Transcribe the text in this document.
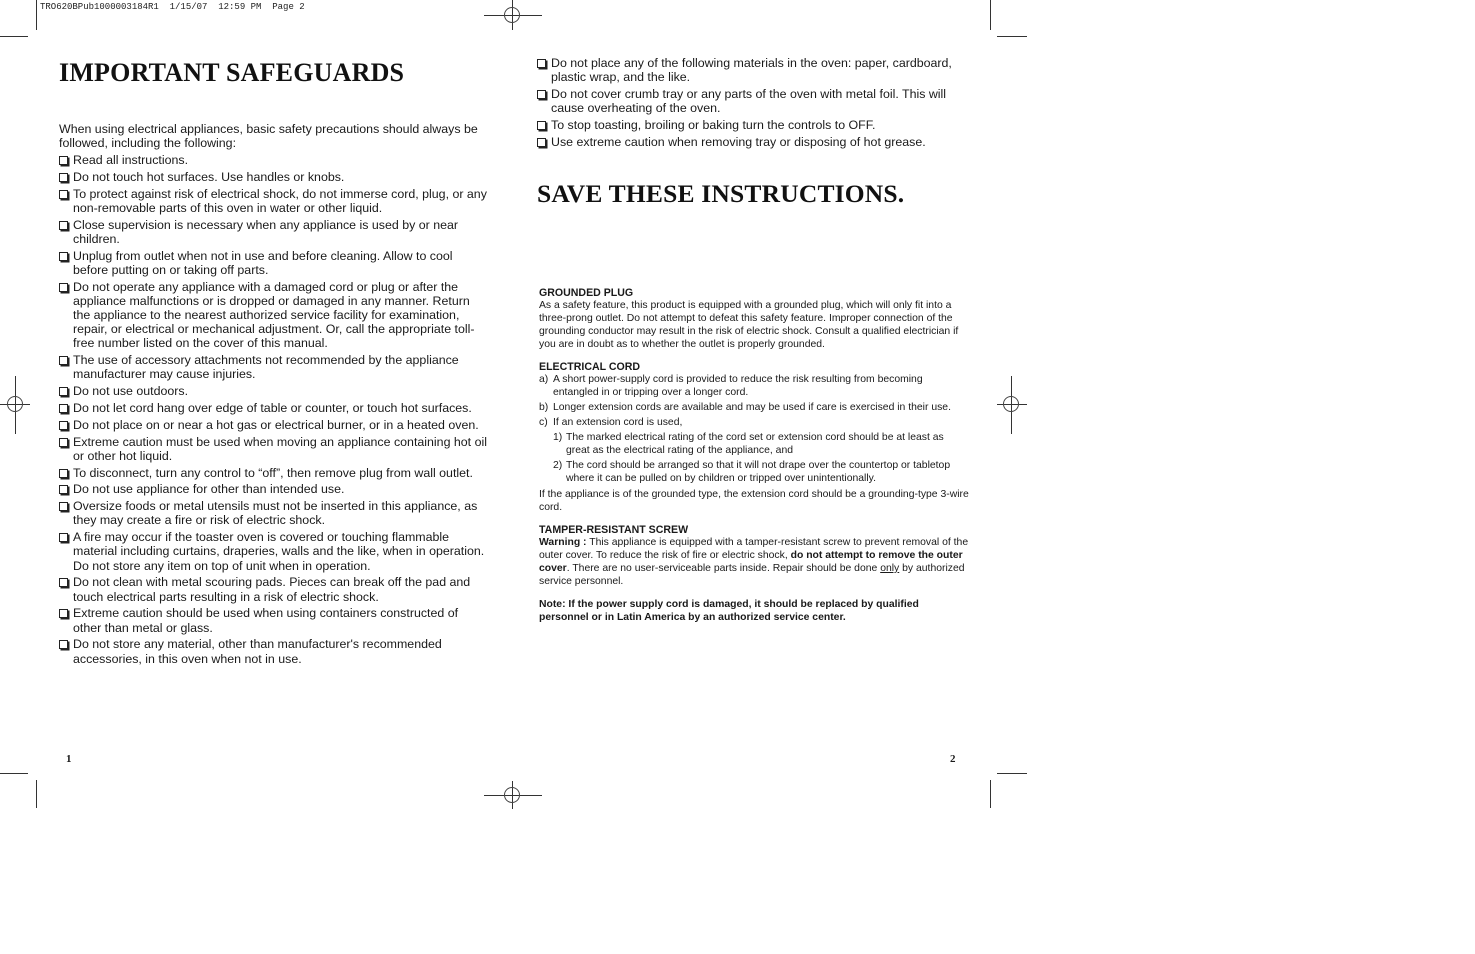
TRO620BPub1000003184R1  1/15/07  12:59 PM  Page 2
IMPORTANT SAFEGUARDS
When using electrical appliances, basic safety precautions should always be followed, including the following:
Read all instructions.
Do not touch hot surfaces. Use handles or knobs.
To protect against risk of electrical shock, do not immerse cord, plug, or any non-removable parts of this oven in water or other liquid.
Close supervision is necessary when any appliance is used by or near children.
Unplug from outlet when not in use and before cleaning. Allow to cool before putting on or taking off parts.
Do not operate any appliance with a damaged cord or plug or after the appliance malfunctions or is dropped or damaged in any manner. Return the appliance to the nearest authorized service facility for examination, repair, or electrical or mechanical adjustment. Or, call the appropriate toll-free number listed on the cover of this manual.
The use of accessory attachments not recommended by the appliance manufacturer may cause injuries.
Do not use outdoors.
Do not let cord hang over edge of table or counter, or touch hot surfaces.
Do not place on or near a hot gas or electrical burner, or in a heated oven.
Extreme caution must be used when moving an appliance containing hot oil or other hot liquid.
To disconnect, turn any control to “off”, then remove plug from wall outlet.
Do not use appliance for other than intended use.
Oversize foods or metal utensils must not be inserted in this appliance, as they may create a fire or risk of electric shock.
A fire may occur if the toaster oven is covered or touching flammable material including curtains, draperies, walls and the like, when in operation. Do not store any item on top of unit when in operation.
Do not clean with metal scouring pads. Pieces can break off the pad and touch electrical parts resulting in a risk of electric shock.
Extreme caution should be used when using containers constructed of other than metal or glass.
Do not store any material, other than manufacturer's recommended accessories, in this oven when not in use.
1
Do not place any of the following materials in the oven: paper, cardboard, plastic wrap, and the like.
Do not cover crumb tray or any parts of the oven with metal foil. This will cause overheating of the oven.
To stop toasting, broiling or baking turn the controls to OFF.
Use extreme caution when removing tray or disposing of hot grease.
SAVE THESE INSTRUCTIONS.
GROUNDED PLUG
As a safety feature, this product is equipped with a grounded plug, which will only fit into a three-prong outlet. Do not attempt to defeat this safety feature. Improper connection of the grounding conductor may result in the risk of electric shock. Consult a qualified electrician if you are in doubt as to whether the outlet is properly grounded.
ELECTRICAL CORD
a) A short power-supply cord is provided to reduce the risk resulting from becoming entangled in or tripping over a longer cord.
b) Longer extension cords are available and may be used if care is exercised in their use.
c) If an extension cord is used,
1) The marked electrical rating of the cord set or extension cord should be at least as great as the electrical rating of the appliance, and
2) The cord should be arranged so that it will not drape over the countertop or tabletop where it can be pulled on by children or tripped over unintentionally.
If the appliance is of the grounded type, the extension cord should be a grounding-type 3-wire cord.
TAMPER-RESISTANT SCREW
Warning : This appliance is equipped with a tamper-resistant screw to prevent removal of the outer cover. To reduce the risk of fire or electric shock, do not attempt to remove the outer cover. There are no user-serviceable parts inside. Repair should be done only by authorized service personnel.
Note: If the power supply cord is damaged, it should be replaced by qualified personnel or in Latin America by an authorized service center.
2
